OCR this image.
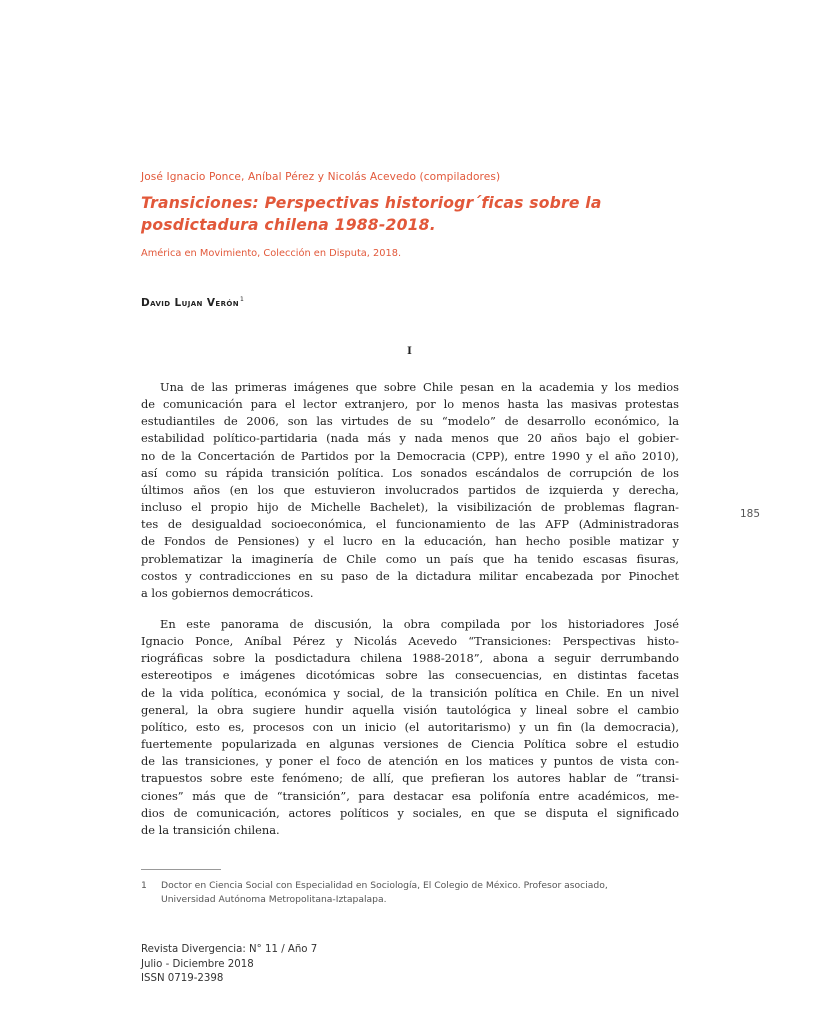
José Ignacio Ponce, Aníbal Pérez y Nicolás Acevedo (compiladores)
Transiciones: Perspectivas historiogr´ficas sobre la
posdictadura chilena 1988-2018.
América en Movimiento, Colección en Disputa, 2018.
David Lujan Verón$^1$
I
Una de las primeras imágenes que sobre Chile pesan en la academia y los medios
de comunicación para el lector extranjero, por lo menos hasta las masivas protestas
estudiantiles de 2006, son las virtudes de su “modelo” de desarrollo económico, la
estabilidad político-partidaria (nada más y nada menos que 20 años bajo el gobier-
no de la Concertación de Partidos por la Democracia (CPP), entre 1990 y el año 2010),
así como su rápida transición política. Los sonados escándalos de corrupción de los
últimos años (en los que estuvieron involucrados partidos de izquierda y derecha,
incluso el propio hijo de Michelle Bachelet), la visibilización de problemas flagran-
tes de desigualdad socioeconómica, el funcionamiento de las AFP (Administradoras
de Fondos de Pensiones) y el lucro en la educación, han hecho posible matizar y
problematizar la imaginería de Chile como un país que ha tenido escasas fisuras,
costos y contradicciones en su paso de la dictadura militar encabezada por Pinochet
a los gobiernos democráticos.
En este panorama de discusión, la obra compilada por los historiadores José
Ignacio Ponce, Aníbal Pérez y Nicolás Acevedo “Transiciones: Perspectivas histo-
riográficas sobre la posdictadura chilena 1988-2018”, abona a seguir derrumbando
estereotipos e imágenes dicotómicas sobre las consecuencias, en distintas facetas
de la vida política, económica y social, de la transición política en Chile. En un nivel
general, la obra sugiere hundir aquella visión tautológica y lineal sobre el cambio
político, esto es, procesos con un inicio (el autoritarismo) y un fin (la democracia),
fuertemente popularizada en algunas versiones de Ciencia Política sobre el estudio
de las transiciones, y poner el foco de atención en los matices y puntos de vista con-
trapuestos sobre este fenómeno; de allí, que prefieran los autores hablar de “transi-
ciones” más que de “transición”, para destacar esa polifonía entre académicos, me-
dios de comunicación, actores políticos y sociales, en que se disputa el significado
de la transición chilena.
185
1 Doctor en Ciencia Social con Especialidad en Sociología, El Colegio de México. Profesor asociado,
Universidad Autónoma Metropolitana-Iztapalapa.
Revista Divergencia: N° 11 / Año 7
Julio - Diciembre 2018
ISSN 0719-2398
